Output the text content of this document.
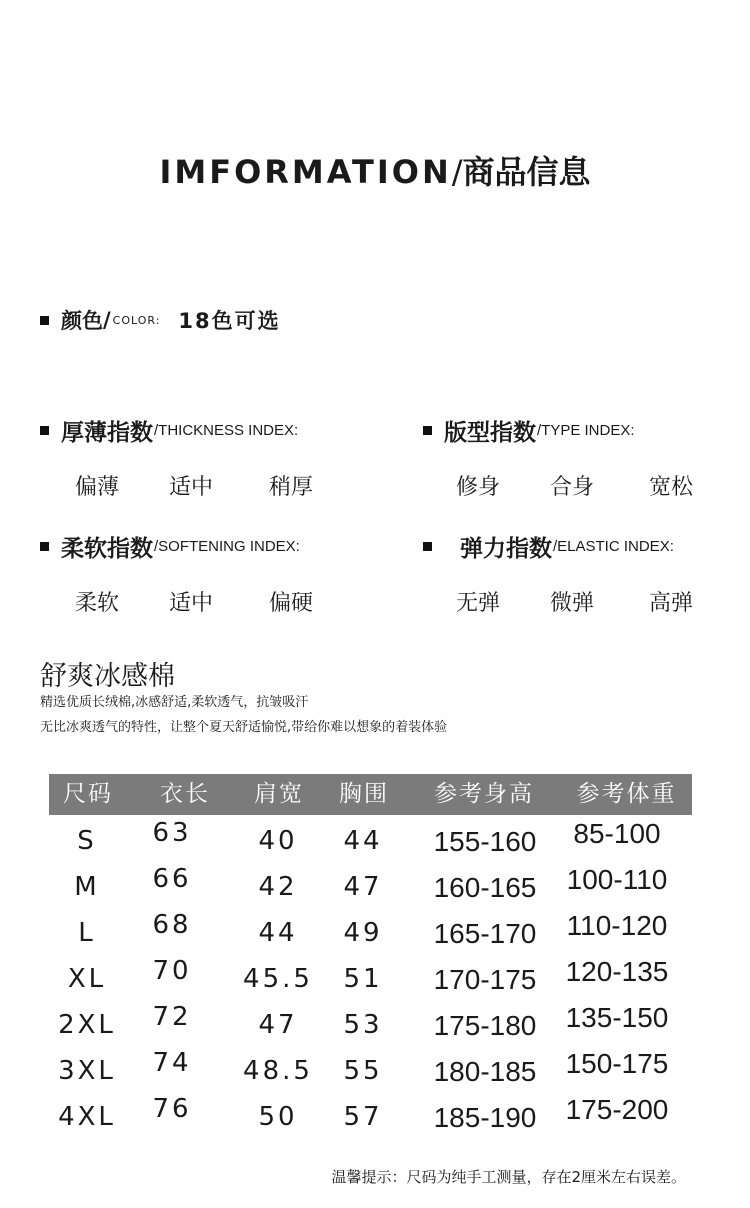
IMFORMATION/商品信息
颜色 / COLOR: 18色可选
厚薄指数 /THICKNESS INDEX:
偏薄	适中	稍厚
版型指数 /TYPE INDEX:
修身	合身	宽松
柔软指数 /SOFTENING INDEX:
柔软	适中	偏硬
弹力指数 /ELASTIC INDEX:
无弹	微弹	高弹
舒爽冰感棉
精选优质长绒棉,冰感舒适,柔软透气，抗皱吸汗
无比冰爽透气的特性，让整个夏天舒适愉悦,带给你难以想象的着装体验
尺码	衣长	肩宽	胸围	参考身高	参考体重
S	63	40	44	155-160	85-100
M	66	42	47	160-165	100-110
L	68	44	49	165-170	110-120
XL	70	45.5	51	170-175	120-135
2XL	72	47	53	175-180	135-150
3XL	74	48.5	55	180-185	150-175
4XL	76	50	57	185-190	175-200
温馨提示：尺码为纯手工测量，存在2厘米左右误差。
